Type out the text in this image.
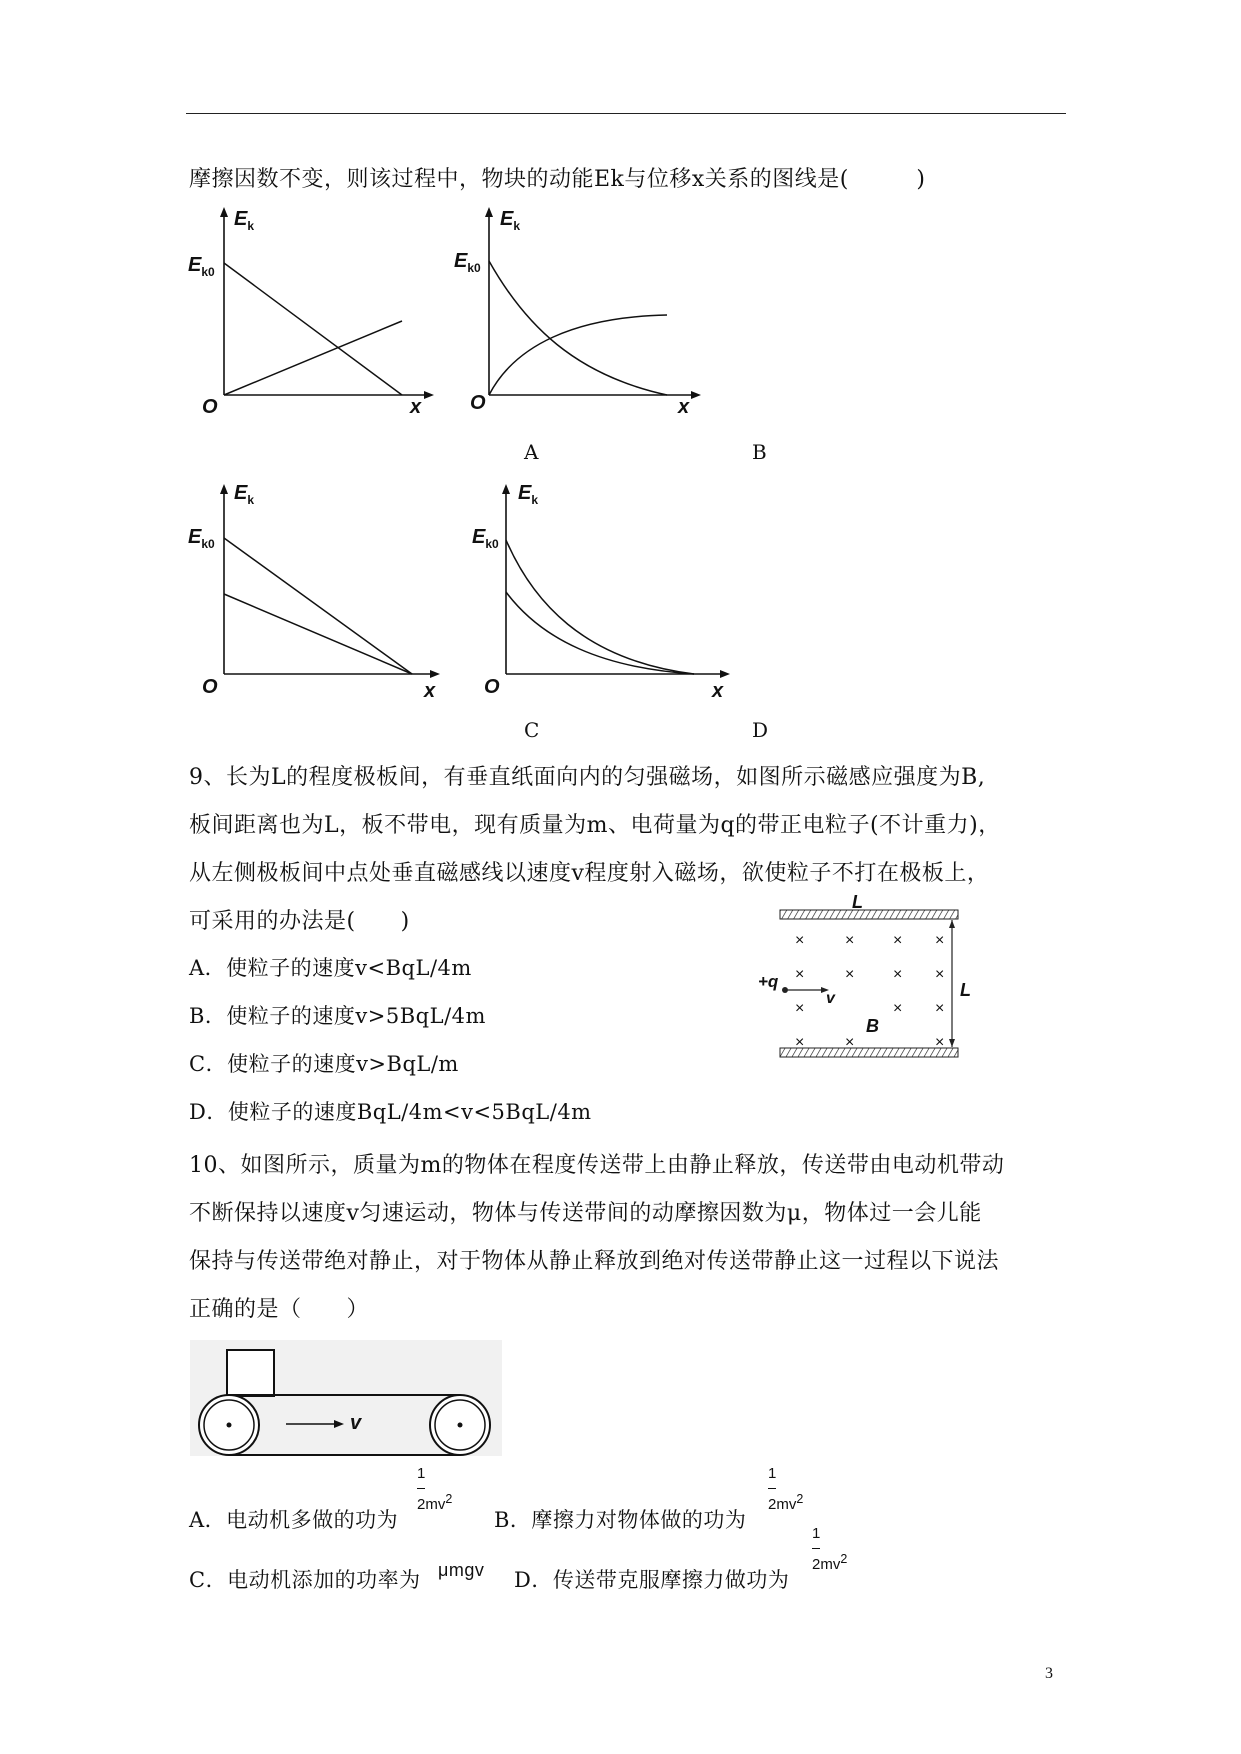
摩擦因数不变，则该过程中，物块的动能Ek与位移x关系的图线是(　　　)
$E_k$
$E_{k0}$
O	x
$E_k$
$E_{k0}$
O	x
A	B
$E_k$
$E_{k0}$
O	x
$E_k$
$E_{k0}$
O	x
C	D
9、长为L的程度极板间，有垂直纸面向内的匀强磁场，如图所示磁感应强度为B,
板间距离也为L，板不带电，现有质量为m、电荷量为q的带正电粒子(不计重力)，
从左侧极板间中点处垂直磁感线以速度v程度射入磁场，欲使粒子不打在极板上，
可采用的办法是(　　)
A．使粒子的速度v<BqL/4m
B．使粒子的速度v>5BqL/4m
C．使粒子的速度v>BqL/m
D．使粒子的速度BqL/4m<v<5BqL/4m
L
L
+q
v
B
×	× × ×
×	× × ×
×	× ×
×	×	×
10、如图所示，质量为m的物体在程度传送带上由静止释放，传送带由电动机带动
不断保持以速度v匀速运动，物体与传送带间的动摩擦因数为μ，物体过一会儿能
保持与传送带绝对静止，对于物体从静止释放到绝对传送带静止这一过程以下说法
正确的是（　　）
v
A．电动机多做的功为
1
$2mv^2$
B．摩擦力对物体做的功为
1
$2mv^2$
C．电动机添加的功率为 μmgv D．传送带克服摩擦力做功为
1
$2mv^2$
3
